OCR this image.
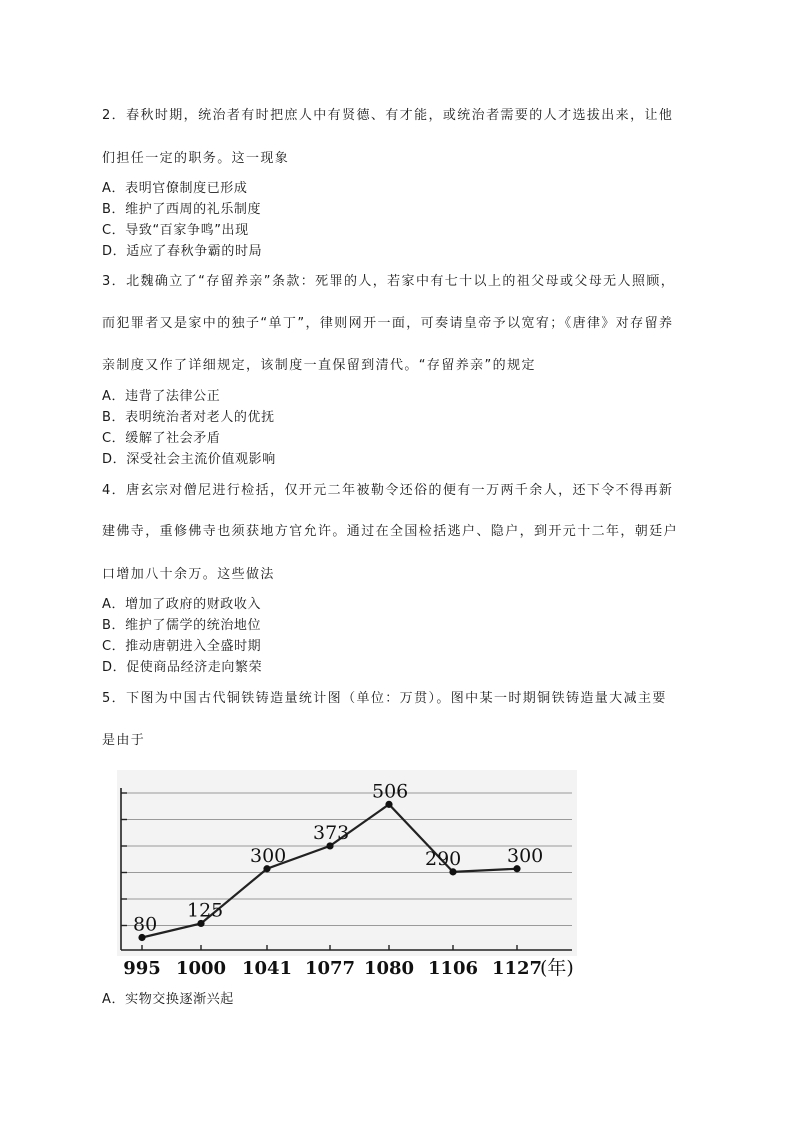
2．春秋时期，统治者有时把庶人中有贤德、有才能，或统治者需要的人才选拔出来，让他
们担任一定的职务。这一现象
A．表明官僚制度已形成
B．维护了西周的礼乐制度
C．导致“百家争鸣”出现
D．适应了春秋争霸的时局
3．北魏确立了“存留养亲”条款：死罪的人，若家中有七十以上的祖父母或父母无人照顾，
而犯罪者又是家中的独子“单丁”，律则网开一面，可奏请皇帝予以宽宥；《唐律》对存留养
亲制度又作了详细规定，该制度一直保留到清代。“存留养亲”的规定
A．违背了法律公正
B．表明统治者对老人的优抚
C．缓解了社会矛盾
D．深受社会主流价值观影响
4．唐玄宗对僧尼进行检括，仅开元二年被勒令还俗的便有一万两千余人，还下令不得再新
建佛寺，重修佛寺也须获地方官允许。通过在全国检括逃户、隐户，到开元十二年，朝廷户
口增加八十余万。这些做法
A．增加了政府的财政收入
B．维护了儒学的统治地位
C．推动唐朝进入全盛时期
D．促使商品经济走向繁荣
5．下图为中国古代铜铁铸造量统计图（单位：万贯）。图中某一时期铜铁铸造量大减主要
是由于
80
125
300
373
506
290 300
995 1000 1041 1077 1080 1106 1127
(年)
A．实物交换逐渐兴起
